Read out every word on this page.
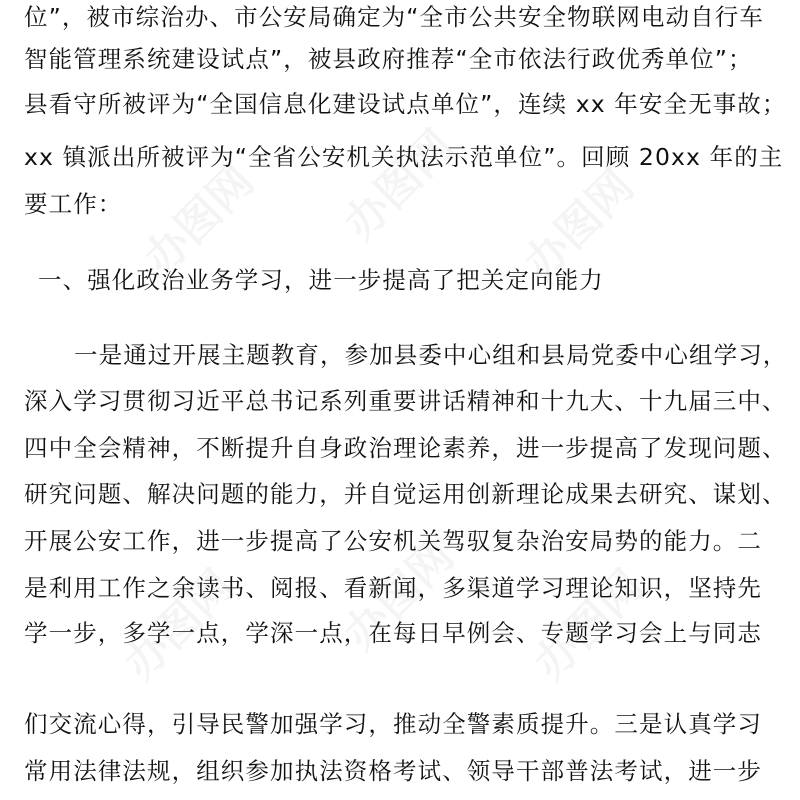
位”，被市综治办、市公安局确定为“全市公共安全物联网电动自行车
智能管理系统建设试点”，被县政府推荐“全市依法行政优秀单位”；
县看守所被评为“全国信息化建设试点单位”，连续 xx 年安全无事故；
xx 镇派出所被评为“全省公安机关执法示范单位”。回顾 20xx 年的主
要工作：
一、强化政治业务学习，进一步提高了把关定向能力
一是通过开展主题教育，参加县委中心组和县局党委中心组学习，
深入学习贯彻习近平总书记系列重要讲话精神和十九大、十九届三中、
四中全会精神，不断提升自身政治理论素养，进一步提高了发现问题、
研究问题、解决问题的能力，并自觉运用创新理论成果去研究、谋划、
开展公安工作，进一步提高了公安机关驾驭复杂治安局势的能力。二
是利用工作之余读书、阅报、看新闻，多渠道学习理论知识，坚持先
学一步，多学一点，学深一点，在每日早例会、专题学习会上与同志
们交流心得，引导民警加强学习，推动全警素质提升。三是认真学习
常用法律法规，组织参加执法资格考试、领导干部普法考试，进一步
